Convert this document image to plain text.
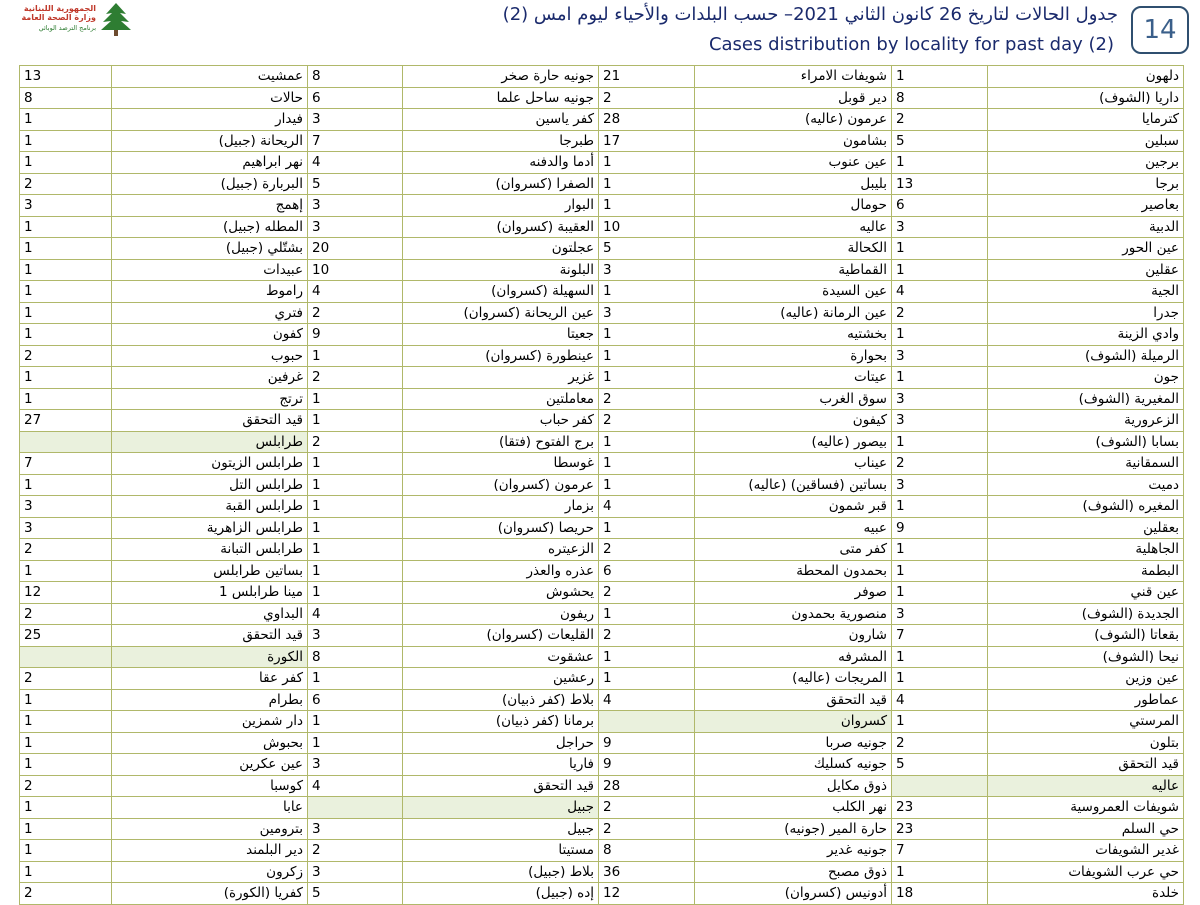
الجمهورية اللبنانية
وزارة الصحة العامة
برنامج الترصد الوبائي
جدول الحالات لتاريخ 26 كانون الثاني 2021– حسب البلدات والأحياء ليوم امس (2)
Cases distribution by locality for past day (2)	14
دلهون	1	شويفات الامراء	21	جونيه حارة صخر	8	عمشيت	13
داريا (الشوف)	8	دير قوبل	2	جونيه ساحل علما	6	حالات	8
كترمايا	2	عرمون (عاليه)	28	كفر ياسين	3	فيدار	1
سبلين	5	بشامون	17	طبرجا	7	الريحانة (جبيل)	1
برجين	1	عين عنوب	1	أدما والدفنه	4	نهر ابراهيم	1
برجا	13	بليبل	1	الصفرا (كسروان)	5	البربارة (جبيل)	2
بعاصير	6	حومال	1	البوار	3	إهمج	3
الدبية	3	عاليه	10	العقيبة (كسروان)	3	المطله (جبيل)	1
عين الحور	1	الكحالة	5	عجلتون	20	بشتّلي (جبيل)	1
عقلين	1	القماطية	3	البلونة	10	عبيدات	1
الجية	4	عين السيدة	1	السهيلة (كسروان)	4	راموط	1
جدرا	2	عين الرمانة (عاليه)	3	عين الريحانة (كسروان)	2	فتري	1
وادي الزينة	1	بخشتيه	1	جعيتا	9	كفون	1
الرميلة (الشوف)	3	بحوارة	1	عينطورة (كسروان)	1	حبوب	2
جون	1	عيتات	1	غزير	2	غرفين	1
المغيرية (الشوف)	3	سوق الغرب	2	معاملتين	1	ترتج	1
الزعرورية	3	كيفون	2	كفر حباب	1	قيد التحقق	27
بسابا (الشوف)	1	بيصور (عاليه)	1	برج الفتوح (فتقا)	2	طرابلس	
السمقانية	2	عيناب	1	غوسطا	1	طرابلس الزيتون	7
دميت	3	بساتين (فساقين) (عاليه)	1	عرمون (كسروان)	1	طرابلس التل	1
المغيره (الشوف)	1	قبر شمون	4	بزمار	1	طرابلس القبة	3
بعقلين	9	عبيه	1	حريصا (كسروان)	1	طرابلس الزاهرية	3
الجاهلية	1	كفر متى	2	الزعيتره	1	طرابلس التبانة	2
البطمة	1	بحمدون المحطة	6	عذره والعذر	1	بساتين طرابلس	1
عين قني	1	صوفر	2	يحشوش	1	مينا طرابلس 1	12
الجديدة (الشوف)	3	منصورية بحمدون	1	ريفون	4	البداوي	2
بقعاتا (الشوف)	7	شارون	2	القليعات (كسروان)	3	قيد التحقق	25
نيحا (الشوف)	1	المشرفه	1	عشقوت	8	الكورة	
عين وزين	1	المريجات (عاليه)	1	رعشين	1	كفر عقا	2
عماطور	4	قيد التحقق	4	بلاط (كفر ذبيان)	6	بطرام	1
المرستي	1	كسروان		برمانا (كفر ذبيان)	1	دار شمزين	1
بتلون	2	جونيه صربا	9	حراجل	1	بحبوش	1
قيد التحقق	5	جونيه كسليك	9	فاريا	3	عين عكرين	1
عاليه		ذوق مكايل	28	قيد التحقق	4	كوسبا	2
شويفات العمروسية	23	نهر الكلب	2	جبيل		عابا	1
حي السلم	23	حارة المير (جونيه)	2	جبيل	3	بترومين	1
غدير الشويفات	7	جونيه غدير	8	مستيتا	2	دير البلمند	1
حي عرب الشويفات	1	ذوق مصبح	36	بلاط (جبيل)	3	زكرون	1
خلدة	18	أدونيس (كسروان)	12	إده (جبيل)	5	كفريا (الكورة)	2
